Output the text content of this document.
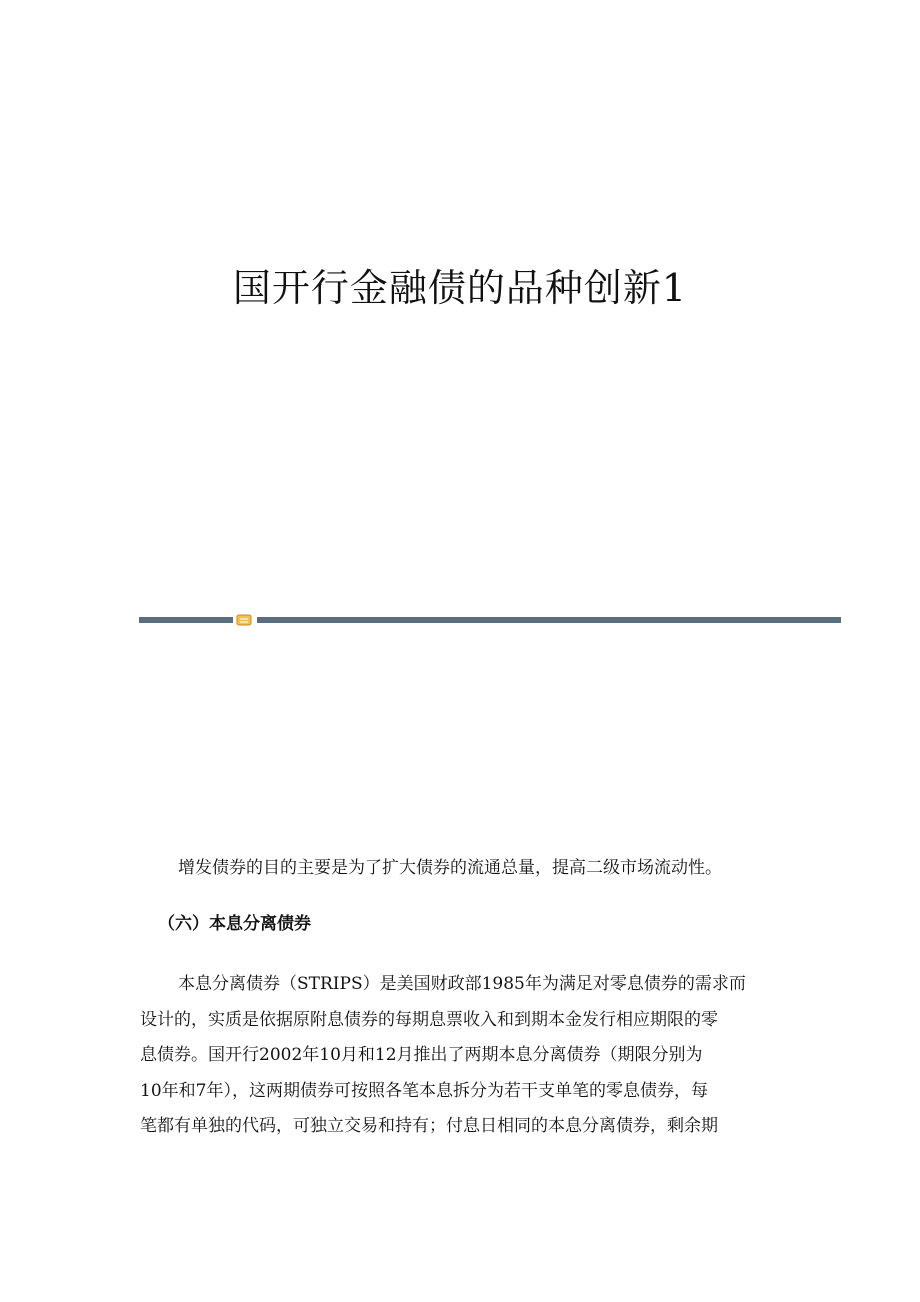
国开行金融债的品种创新1
增发债券的目的主要是为了扩大债券的流通总量，提高二级市场流动性。
（六）本息分离债券
本息分离债券（STRIPS）是美国财政部1985年为满足对零息债券的需求而
设计的，实质是依据原附息债券的每期息票收入和到期本金发行相应期限的零
息债券。国开行2002年10月和12月推出了两期本息分离债券（期限分别为
10年和7年），这两期债券可按照各笔本息拆分为若干支单笔的零息债券，每
笔都有单独的代码，可独立交易和持有；付息日相同的本息分离债券，剩余期
